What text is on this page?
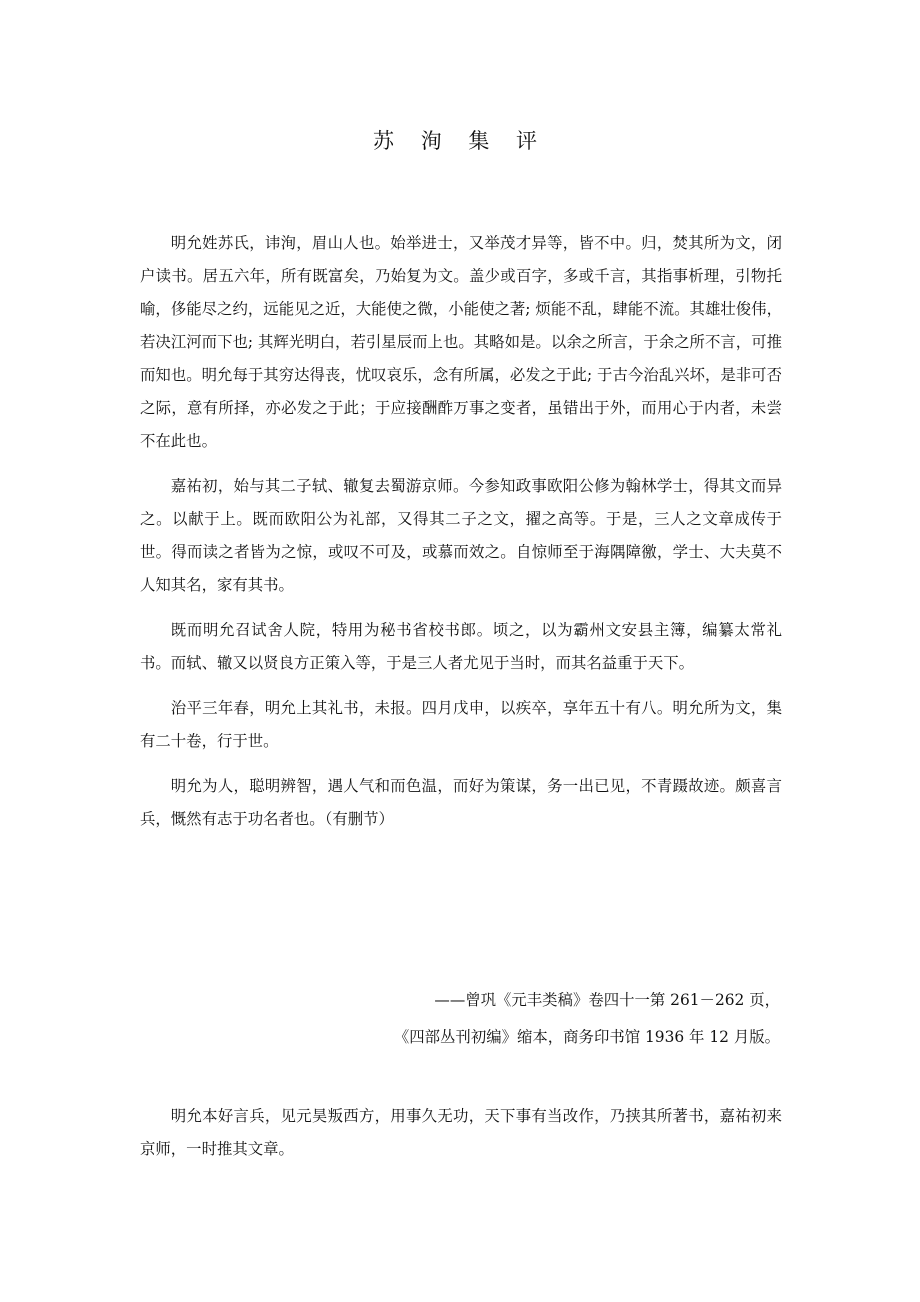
苏 洵 集 评

明允姓苏氏，讳洵，眉山人也。始举进士，又举茂才异等，皆不中。归，焚其所为文，闭户读书。居五六年，所有既富矣，乃始复为文。盖少或百字，多或千言，其指事析理，引物托喻，侈能尽之约，远能见之近，大能使之微，小能使之著; 烦能不乱，肆能不流。其雄壮俊伟，若决江河而下也; 其辉光明白，若引星辰而上也。其略如是。以余之所言，于余之所不言，可推而知也。明允每于其穷达得丧，忧叹哀乐，念有所属，必发之于此; 于古今治乱兴坏，是非可否之际，意有所择，亦必发之于此；于应接酬酢万事之变者，虽错出于外，而用心于内者，未尝不在此也。

嘉祐初，始与其二子轼、辙复去蜀游京师。今参知政事欧阳公修为翰林学士，得其文而异之。以献于上。既而欧阳公为礼部，又得其二子之文，擢之高等。于是，三人之文章成传于世。得而读之者皆为之惊，或叹不可及，或慕而效之。自惊师至于海隅障徼，学士、大夫莫不人知其名，家有其书。

既而明允召试舍人院，特用为秘书省校书郎。顷之，以为霸州文安县主簿，编纂太常礼书。而轼、辙又以贤良方正策入等，于是三人者尤见于当时，而其名益重于天下。

治平三年春，明允上其礼书，未报。四月戊申，以疾卒，享年五十有八。明允所为文，集有二十卷，行于世。

明允为人，聪明辨智，遇人气和而色温，而好为策谋，务一出已见，不青蹑故迹。颇喜言兵，慨然有志于功名者也。（有删节）

——曾巩《元丰类稿》卷四十一第 261－262 页，
《四部丛刊初编》缩本，商务印书馆 1936 年 12 月版。

明允本好言兵，见元昊叛西方，用事久无功，天下事有当改作，乃挟其所著书，嘉祐初来京师，一时推其文章。
